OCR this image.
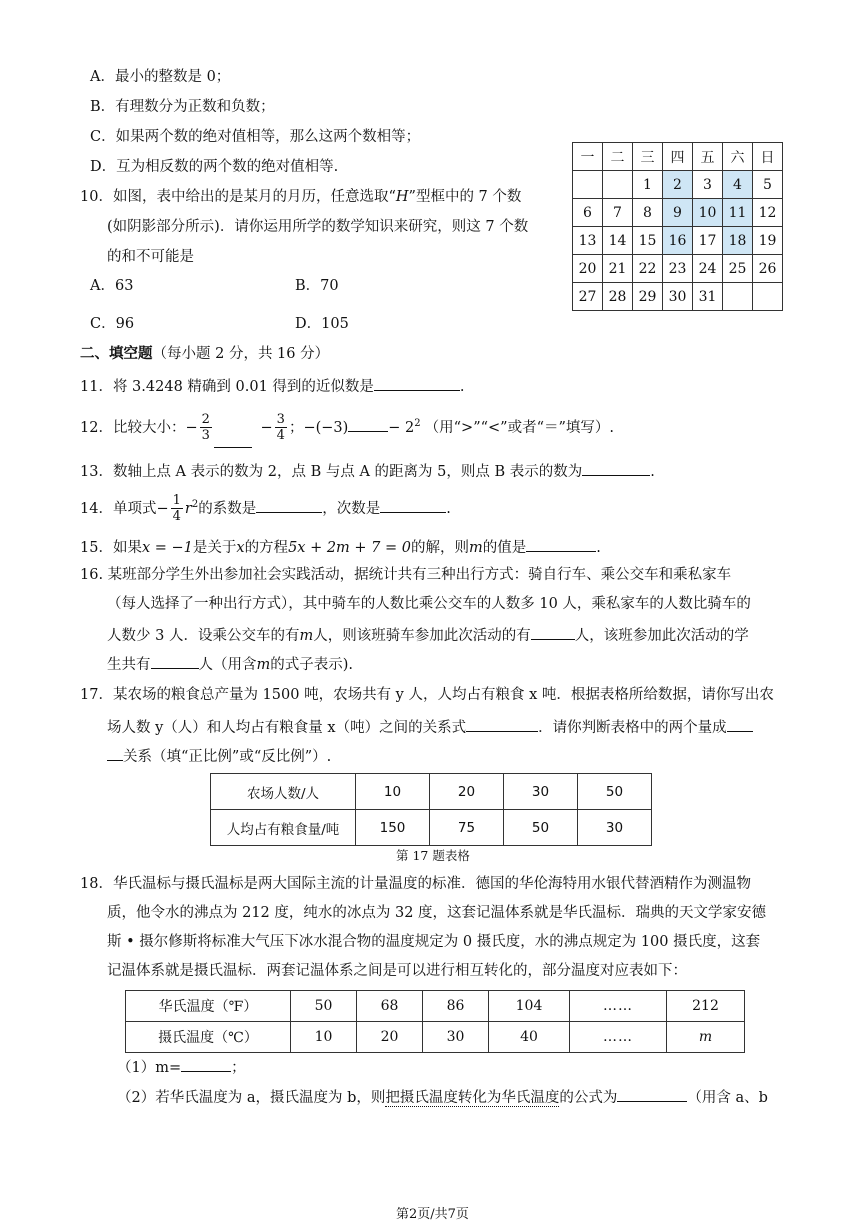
A．最小的整数是 0；
B．有理数分为正数和负数；
C．如果两个数的绝对值相等，那么这两个数相等；
D．互为相反数的两个数的绝对值相等.
10．如图，表中给出的是某月的月历，任意选取“H”型框中的 7 个数
(如阴影部分所示)．请你运用所学的数学知识来研究，则这 7 个数
的和不可能是
A．63	B．70
C．96	D．105
一	二	三	四	五	六	日
		1	2	3	4	5
6	7	8	9	10	11	12
13	14	15	16	17	18	19
20	21	22	23	24	25	26
27	28	29	30	31		
二、填空题（每小题 2 分，共 16 分）
11．将 3.4248 精确到 0.01 得到的近似数是	.
12．比较大小：− $\frac{2}{3}$	− $\frac{3}{4}$ ；−(−3)	− $2^2$ （用“>”“<”或者“＝”填写）.
13．数轴上点 A 表示的数为 2，点 B 与点 A 的距离为 5，则点 B 表示的数为	.
14．单项式− $\frac{1}{4} r^2$的系数是	，次数是	.
15．如果x = −1是关于x的方程5x + 2m + 7 = 0的解，则m的值是	.
16. 某班部分学生外出参加社会实践活动，据统计共有三种出行方式：骑自行车、乘公交车和乘私家车
（每人选择了一种出行方式），其中骑车的人数比乘公交车的人数多 10 人，乘私家车的人数比骑车的
人数少 3 人．设乘公交车的有m人，则该班骑车参加此次活动的有	人，该班参加此次活动的学
生共有	人（用含m的式子表示).
17．某农场的粮食总产量为 1500 吨，农场共有 y 人，人均占有粮食 x 吨．根据表格所给数据，请你写出农
场人数 y（人）和人均占有粮食量 x（吨）之间的关系式	．请你判断表格中的两个量成
关系（填“正比例”或“反比例”）.
农场人数/人	10	20	30	50
人均占有粮食量/吨	150	75	50	30
第 17 题表格
18．华氏温标与摄氏温标是两大国际主流的计量温度的标准．德国的华伦海特用水银代替酒精作为测温物
质，他令水的沸点为 212 度，纯水的冰点为 32 度，这套记温体系就是华氏温标．瑞典的天文学家安德
斯 • 摄尔修斯将标准大气压下冰水混合物的温度规定为 0 摄氏度，水的沸点规定为 100 摄氏度，这套
记温体系就是摄氏温标．两套记温体系之间是可以进行相互转化的，部分温度对应表如下：
华氏温度（℉）	50	68	86	104	……	212
摄氏温度（℃）	10	20	30	40	……	m
（1）m=	；
（2）若华氏温度为 a，摄氏温度为 b，则把摄氏温度转化为华氏温度的公式为	（用含 a、b
第2页/共7页
